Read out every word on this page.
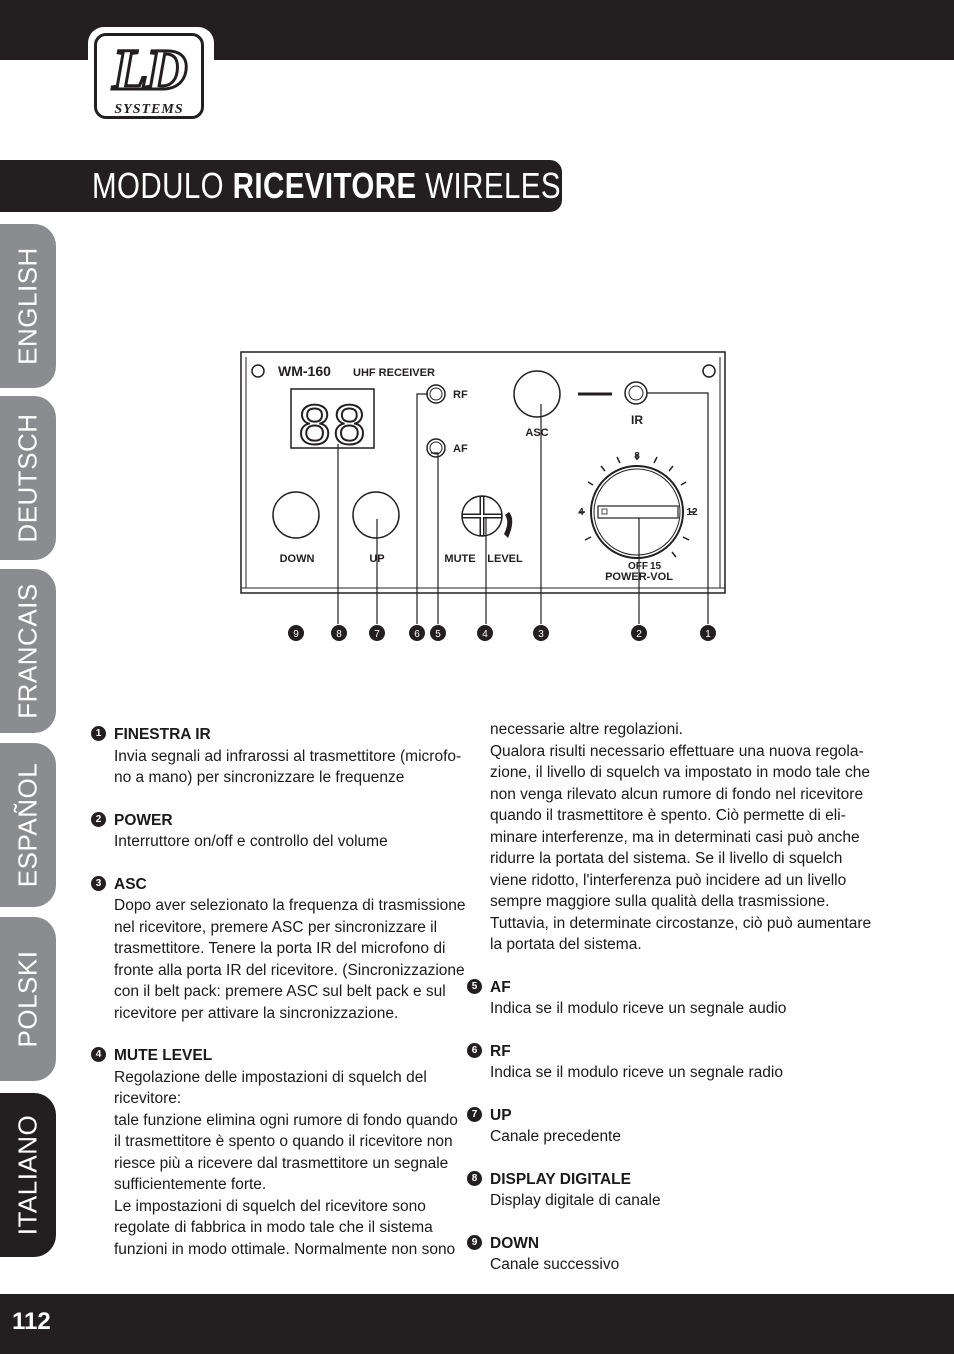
LD
SYSTEMS
MODULO RICEVITORE WIRELESS:
ENGLISH
DEUTSCH
FRANCAIS
ESPAÑOL
POLSKI
ITALIANO
WM-160 UHF RECEIVER
88
RF
AF
ASC
IR
DOWN	UP	MUTE LEVEL
8
4	12
OFF 15
POWER-VOL
9	8	7	6 5	4	3	2	1
1 FINESTRA IR
Invia segnali ad infrarossi al trasmettitore (microfo-
no a mano) per sincronizzare le frequenze
2 POWER
Interruttore on/off e controllo del volume
3 ASC
Dopo aver selezionato la frequenza di trasmissione
nel ricevitore, premere ASC per sincronizzare il
trasmettitore. Tenere la porta IR del microfono di
fronte alla porta IR del ricevitore. (Sincronizzazione
con il belt pack: premere ASC sul belt pack e sul
ricevitore per attivare la sincronizzazione.
4 MUTE LEVEL
Regolazione delle impostazioni di squelch del
ricevitore:
tale funzione elimina ogni rumore di fondo quando
il trasmettitore è spento o quando il ricevitore non
riesce più a ricevere dal trasmettitore un segnale
sufficientemente forte.
Le impostazioni di squelch del ricevitore sono
regolate di fabbrica in modo tale che il sistema
funzioni in modo ottimale. Normalmente non sono
necessarie altre regolazioni.
Qualora risulti necessario effettuare una nuova regola-
zione, il livello di squelch va impostato in modo tale che
non venga rilevato alcun rumore di fondo nel ricevitore
quando il trasmettitore è spento. Ciò permette di eli-
minare interferenze, ma in determinati casi può anche
ridurre la portata del sistema. Se il livello di squelch
viene ridotto, l'interferenza può incidere ad un livello
sempre maggiore sulla qualità della trasmissione.
Tuttavia, in determinate circostanze, ciò può aumentare
la portata del sistema.
5 AF
Indica se il modulo riceve un segnale audio
6 RF
Indica se il modulo riceve un segnale radio
7 UP
Canale precedente
8 DISPLAY DIGITALE
Display digitale di canale
9 DOWN
Canale successivo
112
